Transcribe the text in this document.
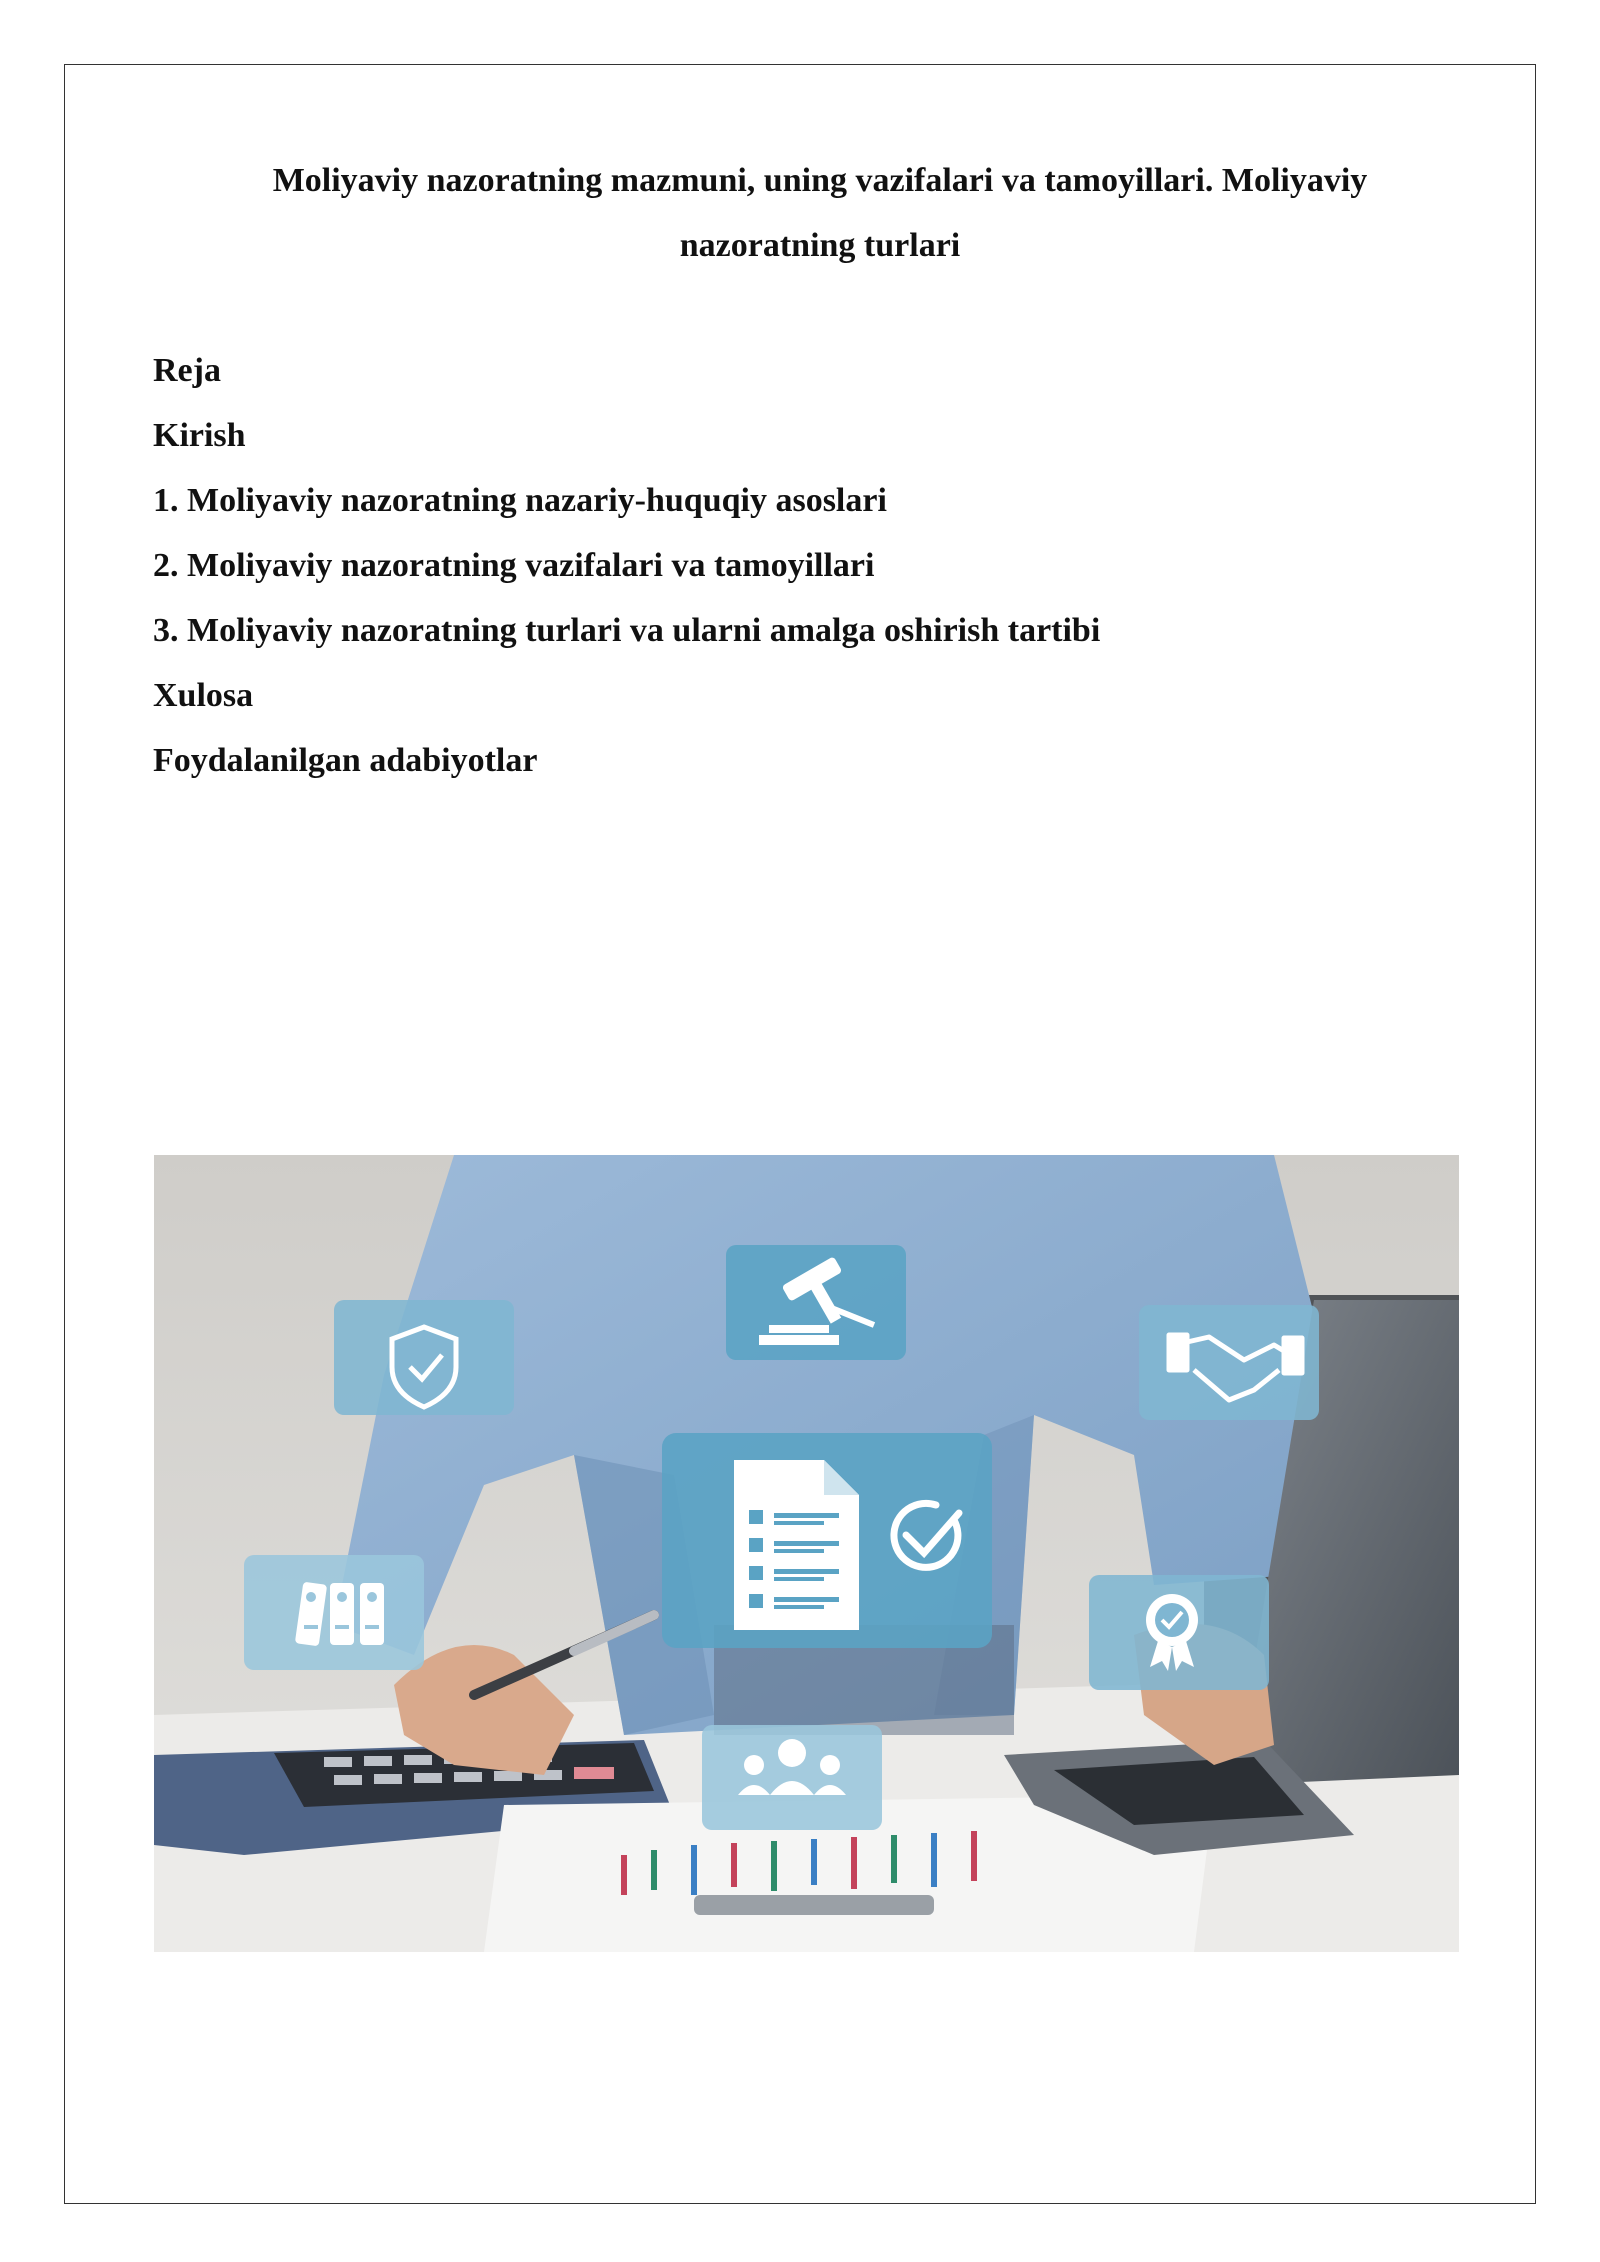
Moliyaviy nazoratning mazmuni, uning vazifalari va tamoyillari. Moliyaviy
nazoratning turlari
Reja
Kirish
1. Moliyaviy nazoratning nazariy-huquqiy asoslari
2. Moliyaviy nazoratning vazifalari va tamoyillari
3. Moliyaviy nazoratning turlari va ularni amalga oshirish tartibi
Xulosa
Foydalanilgan adabiyotlar
